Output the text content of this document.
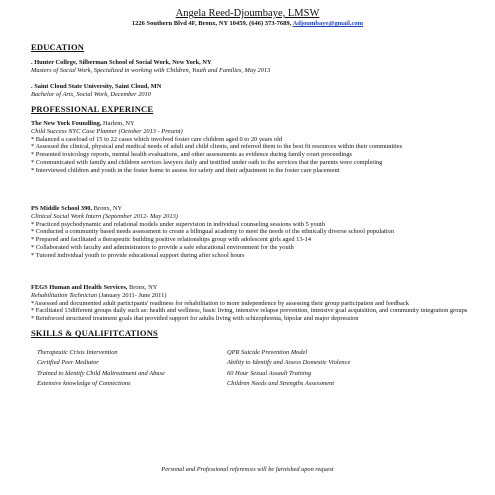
Angela Reed-Djoumbaye, LMSW
1226 Southern Blvd 4F, Bronx, NY 10459, (646) 373-7689, Adjoumbaye@gmail.com
EDUCATION
. Hunter College, Silberman School of Social Work, New York, NY
Masters of Social Work, Specialized in working with Children, Youth and Families, May 2013
. Saint Cloud State University, Saint Cloud, MN
Bachelor of Arts, Social Work, December 2010
PROFESSIONAL EXPERINCE
The New York Foundling, Harlem, NY
Child Success NYC Case Planner (October 2013 - Present)
* Balanced a caseload of 15 to 22 cases which involved foster care children aged 0 to 20 years old
* Assessed the clinical, physical and medical needs of adult and child clients, and referred them to the best fit resources within their communities
* Presented toxicology reports, mental health evaluations, and other assessments as evidence during family court proceedings
* Communicated with family and children services lawyers daily and testified under oath to the services that the parents were completing
* Interviewed children and youth in the foster home to assess for safety and their adjustment in the foster care placement
PS Middle School 390, Bronx, NY
Clinical Social Work Intern (September 2012- May 2013)
* Practiced psychodynamic and relational models under supervision in individual counseling sessions with 5 youth
* Conducted a community based needs assessment to create a bilingual academy to meet the needs of the ethnically diverse school population
* Prepared and facilitated a therapeutic building positive relationships group with adolescent girls aged 13-14
* Collaborated with faculty and administrators to provide a safe educational environment for the youth
* Tutored individual youth to provide educational support during after school hours
FEGS Human and Health Services, Bronx, NY
Rehabilitation Technician (January 2011- June 2011)
*Assessed and documented adult participants' readiness for rehabilitation to more independence by assessing their group participation and feedback
* Facilitated 13different groups daily such as: health and wellness, basic living, intensive relapse prevention, intensive goal acquisition, and community integration groups
* Reinforced structured treatment goals that provided support for adults living with schizophrenia, bipolar and major depression
SKILLS & QUALIFITCATIONS
Therapeutic Crisis Intervention	QPR Suicide Prevention Model
Certified Peer Mediator	Ability to Identify and Assess Domestic Violence
Trained to Identify Child Maltreatment and Abuse	60 Hour Sexual Assault Training
Extensive knowledge of Connections	Children Needs and Strengths Assessment
Personal and Professional references will be furnished upon request
